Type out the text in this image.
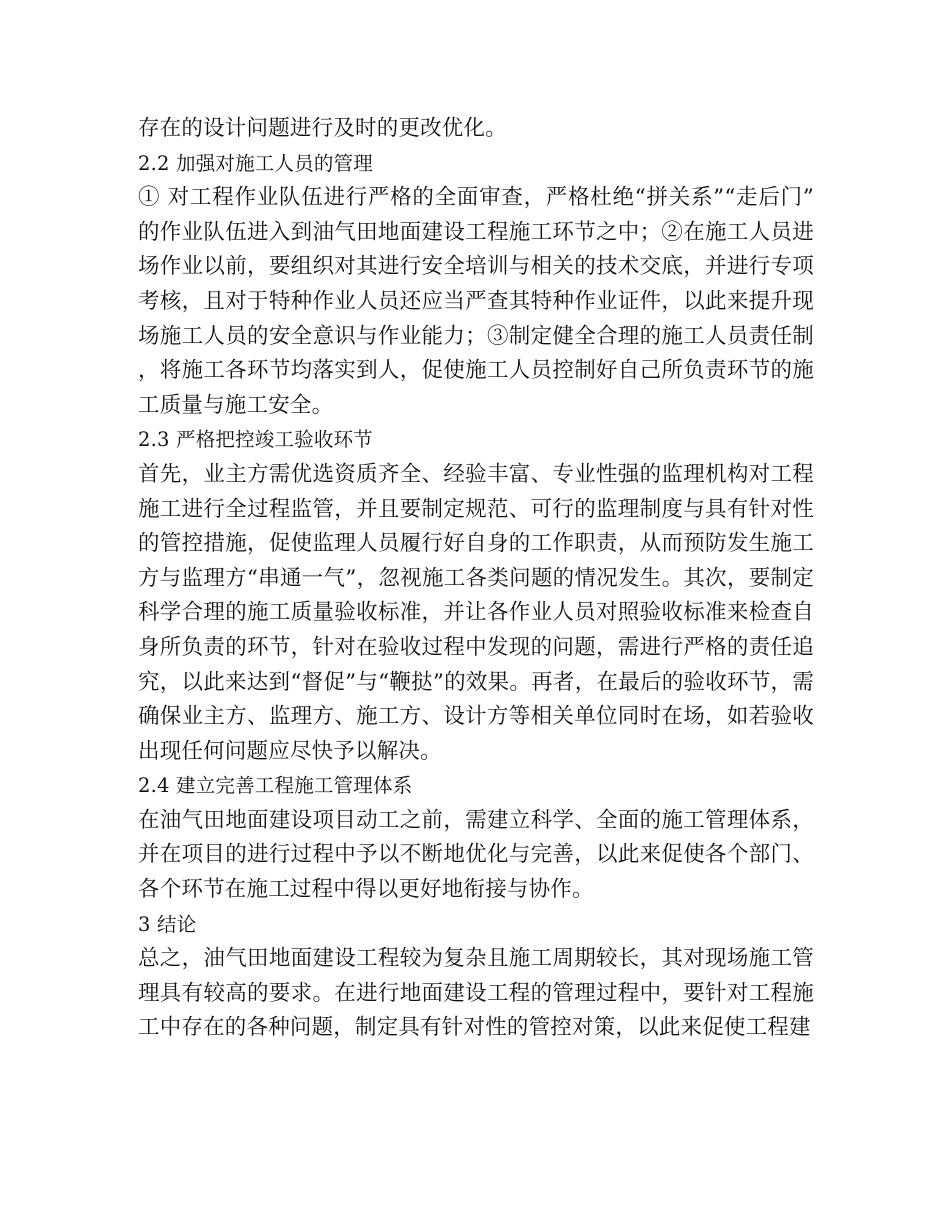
存在的设计问题进行及时的更改优化。

2.2 加强对施工人员的管理

① 对工程作业队伍进行严格的全面审查，严格杜绝“拼关系”“走后门”的作业队伍进入到油气田地面建设工程施工环节之中；②在施工人员进场作业以前，要组织对其进行安全培训与相关的技术交底，并进行专项考核，且对于特种作业人员还应当严查其特种作业证件，以此来提升现场施工人员的安全意识与作业能力；③制定健全合理的施工人员责任制，将施工各环节均落实到人，促使施工人员控制好自己所负责环节的施工质量与施工安全。

2.3 严格把控竣工验收环节

首先，业主方需优选资质齐全、经验丰富、专业性强的监理机构对工程施工进行全过程监管，并且要制定规范、可行的监理制度与具有针对性的管控措施，促使监理人员履行好自身的工作职责，从而预防发生施工方与监理方“串通一气”，忽视施工各类问题的情况发生。其次，要制定科学合理的施工质量验收标准，并让各作业人员对照验收标准来检查自身所负责的环节，针对在验收过程中发现的问题，需进行严格的责任追究，以此来达到“督促”与“鞭挞”的效果。再者，在最后的验收环节，需确保业主方、监理方、施工方、设计方等相关单位同时在场，如若验收出现任何问题应尽快予以解决。

2.4 建立完善工程施工管理体系

在油气田地面建设项目动工之前，需建立科学、全面的施工管理体系，并在项目的进行过程中予以不断地优化与完善，以此来促使各个部门、各个环节在施工过程中得以更好地衔接与协作。

3 结论

总之，油气田地面建设工程较为复杂且施工周期较长，其对现场施工管理具有较高的要求。在进行地面建设工程的管理过程中，要针对工程施工中存在的各种问题，制定具有针对性的管控对策，以此来促使工程建
